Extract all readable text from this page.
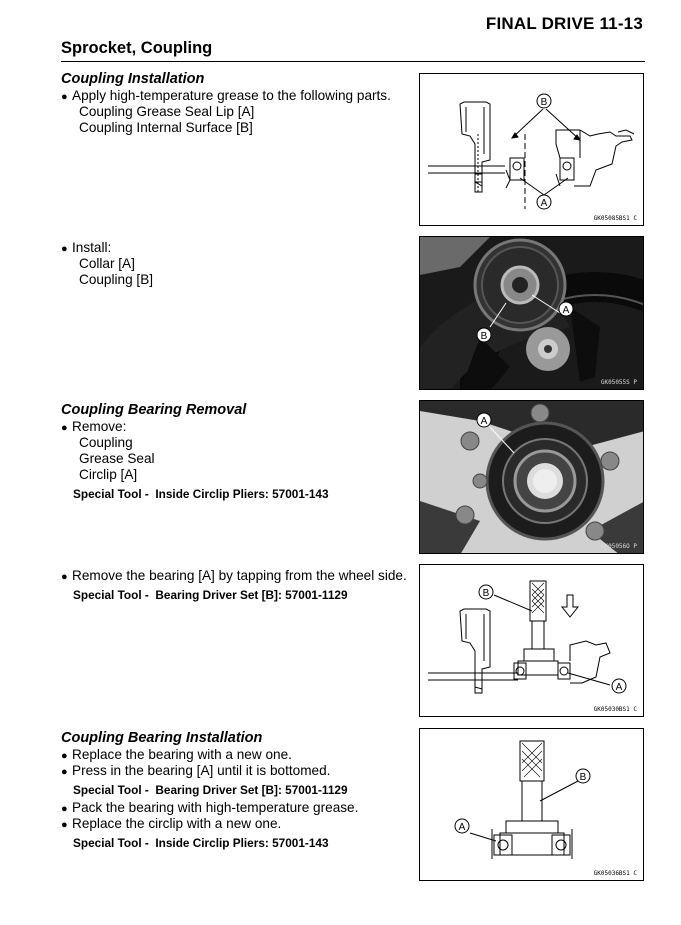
FINAL DRIVE 11-13
Sprocket, Coupling
Coupling Installation
● Apply high-temperature grease to the following parts.
Coupling Grease Seal Lip [A]
Coupling Internal Surface [B]
● Install:
Collar [A]
Coupling [B]
Coupling Bearing Removal
● Remove:
Coupling
Grease Seal
Circlip [A]
Special Tool - Inside Circlip Pliers: 57001-143
● Remove the bearing [A] by tapping from the wheel side.
Special Tool - Bearing Driver Set [B]: 57001-1129
Coupling Bearing Installation
● Replace the bearing with a new one.
● Press in the bearing [A] until it is bottomed.
Special Tool - Bearing Driver Set [B]: 57001-1129
● Pack the bearing with high-temperature grease.
● Replace the circlip with a new one.
Special Tool - Inside Circlip Pliers: 57001-143
B
A
GK05085BS1 C
B
A
GK05055S P
A
GK05056O P
B
A
GK05030BS1 C
B
A
GK05036BS1 C
